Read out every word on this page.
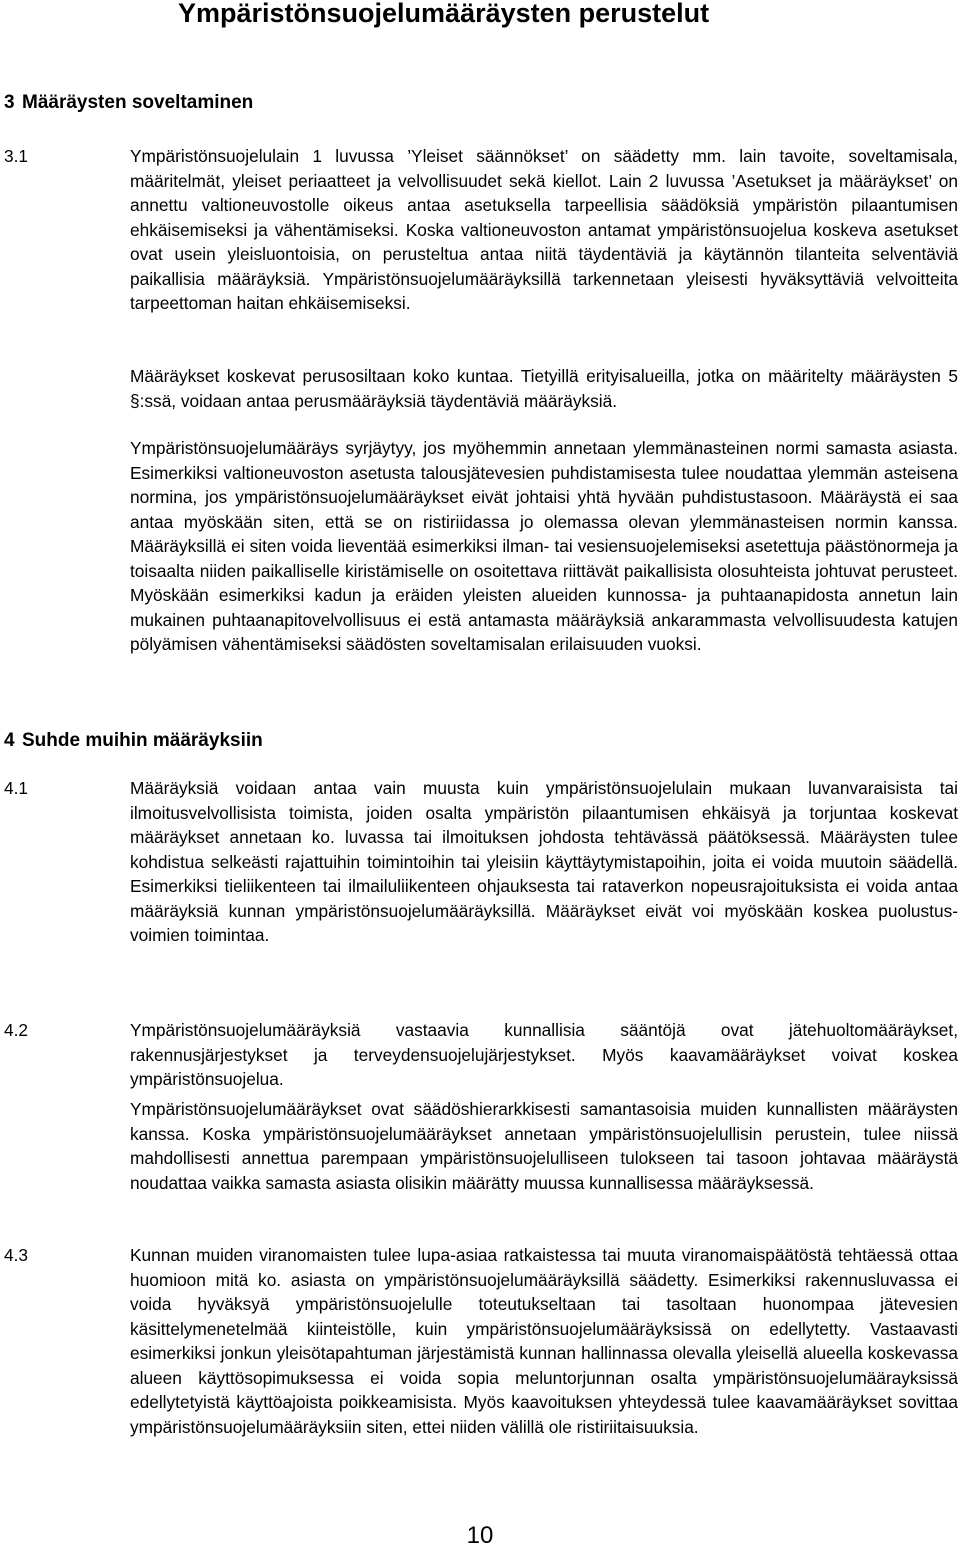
Ympäristönsuojelumääräysten perustelut
3 Määräysten soveltaminen
3.1	Ympäristönsuojelulain 1 luvussa ’Yleiset säännökset’ on säädetty mm. lain tavoite, soveltamisala, määritelmät, yleiset periaatteet ja velvollisuudet sekä kiellot. Lain 2 luvussa ’Asetukset ja määräykset’ on annettu valtioneuvostolle oikeus antaa asetuksella tarpeellisia säädöksiä ympäristön pilaantumisen ehkäisemiseksi ja vähentämiseksi. Koska valtioneuvoston antamat ympäristönsuojelua koskeva asetukset ovat usein yleisluontoisia, on perusteltua antaa niitä täydentäviä ja käytännön tilanteita selventäviä paikallisia määräyksiä. Ympäristönsuojelumääräyksillä tarkennetaan yleisesti hyväksyttäviä velvoitteita tarpeettoman haitan ehkäisemiseksi.

Määräykset koskevat perusosiltaan koko kuntaa. Tietyillä erityisalueilla, jotka on määritelty määräysten 5 §:ssä, voidaan antaa perusmääräyksiä täydentäviä määräyksiä.

Ympäristönsuojelumääräys syrjäytyy, jos myöhemmin annetaan ylemmänasteinen normi samasta asiasta. Esimerkiksi valtioneuvoston asetusta talousjätevesien puhdistamisesta tulee noudattaa ylemmän asteisena normina, jos ympäristönsuojelumääräykset eivät johtaisi yhtä hyvään puhdistustasoon. Määräystä ei saa antaa myöskään siten, että se on ristiriidassa jo olemassa olevan ylemmänasteisen normin kanssa. Määräyksillä ei siten voida lieventää esimerkiksi ilman- tai vesiensuojelemiseksi asetettuja päästönormeja ja toisaalta niiden paikalliselle kiristämiselle on osoitettava riittävät paikallisista olosuhteista johtuvat perusteet. Myöskään esimerkiksi kadun ja eräiden yleisten alueiden kunnossa- ja puhtaanapidosta annetun lain mukainen puhtaanapitovelvollisuus ei estä antamasta määräyksiä ankarammasta velvollisuudesta katujen pölyämisen vähentämiseksi säädösten soveltamisalan erilaisuuden vuoksi.

4 Suhde muihin määräyksiin
4.1	Määräyksiä voidaan antaa vain muusta kuin ympäristönsuojelulain mukaan luvanvaraisista tai ilmoitusvelvollisista toimista, joiden osalta ympäristön pilaantumisen ehkäisyä ja torjuntaa koskevat määräykset annetaan ko. luvassa tai ilmoituksen johdosta tehtävässä päätöksessä. Määräysten tulee kohdistua selkeästi rajattuihin toimintoihin tai yleisiin käyttäytymistapoihin, joita ei voida muutoin säädellä. Esimerkiksi tieliikenteen tai ilmailuliikenteen ohjauksesta tai rataverkon nopeusrajoituksista ei voida antaa määräyksiä kunnan ympäristönsuojelumääräyksillä. Määräykset eivät voi myöskään koskea puolustusvoimien toimintaa.

4.2	Ympäristönsuojelumääräyksiä vastaavia kunnallisia sääntöjä ovat jätehuoltomääräykset, rakennusjärjestykset ja terveydensuojelujärjestykset. Myös kaavamääräykset voivat koskea ympäristönsuojelua.

Ympäristönsuojelumääräykset ovat säädöshierarkkisesti samantasoisia muiden kunnallisten määräysten kanssa. Koska ympäristönsuojelumääräykset annetaan ympäristönsuojelullisin perustein, tulee niissä mahdollisesti annettua parempaan ympäristönsuojelulliseen tulokseen tai tasoon johtavaa määräystä noudattaa vaikka samasta asiasta olisikin määrätty muussa kunnallisessa määräyksessä.

4.3	Kunnan muiden viranomaisten tulee lupa-asiaa ratkaistessa tai muuta viranomaispäätöstä tehtäessä ottaa huomioon mitä ko. asiasta on ympäristönsuojelumääräyksillä säädetty. Esimerkiksi rakennusluvassa ei voida hyväksyä ympäristönsuojelulle toteutukseltaan tai tasoltaan huonompaa jätevesien käsittelymenetelmää kiinteistölle, kuin ympäristönsuojelumääräyksissä on edellytetty. Vastaavasti esimerkiksi jonkun yleisötapahtuman järjestämistä kunnan hallinnassa olevalla yleisellä alueella koskevassa alueen käyttösopimuksessa ei voida sopia meluntorjunnan osalta ympäristönsuojelumäärayksissä edellytetyistä käyttöajoista poikkeamisista. Myös kaavoituksen yhteydessä tulee kaavamääräykset sovittaa ympäristönsuojelumääräyksiin siten, ettei niiden välillä ole ristiriitaisuuksia.

10
